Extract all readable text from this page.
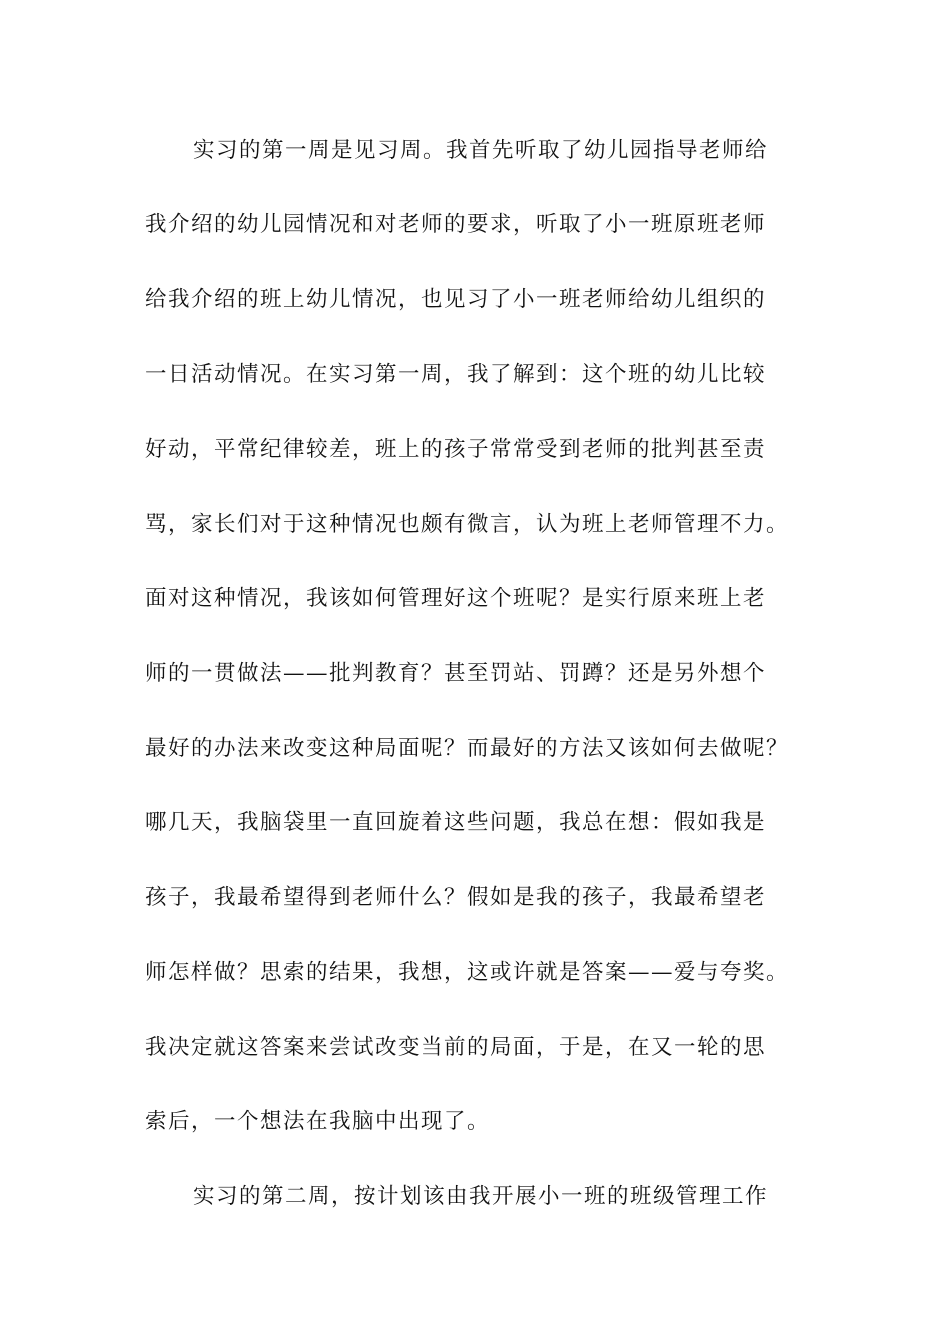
实习的第一周是见习周。我首先听取了幼儿园指导老师给
我介绍的幼儿园情况和对老师的要求，听取了小一班原班老师
给我介绍的班上幼儿情况，也见习了小一班老师给幼儿组织的
一日活动情况。在实习第一周，我了解到：这个班的幼儿比较
好动，平常纪律较差，班上的孩子常常受到老师的批判甚至责
骂，家长们对于这种情况也颇有微言，认为班上老师管理不力。
面对这种情况，我该如何管理好这个班呢？是实行原来班上老
师的一贯做法——批判教育？甚至罚站、罚蹲？还是另外想个
最好的办法来改变这种局面呢？而最好的方法又该如何去做呢？
哪几天，我脑袋里一直回旋着这些问题，我总在想：假如我是
孩子，我最希望得到老师什么？假如是我的孩子，我最希望老
师怎样做？思索的结果，我想，这或许就是答案——爱与夸奖。
我决定就这答案来尝试改变当前的局面，于是，在又一轮的思
索后，一个想法在我脑中出现了。
实习的第二周，按计划该由我开展小一班的班级管理工作
